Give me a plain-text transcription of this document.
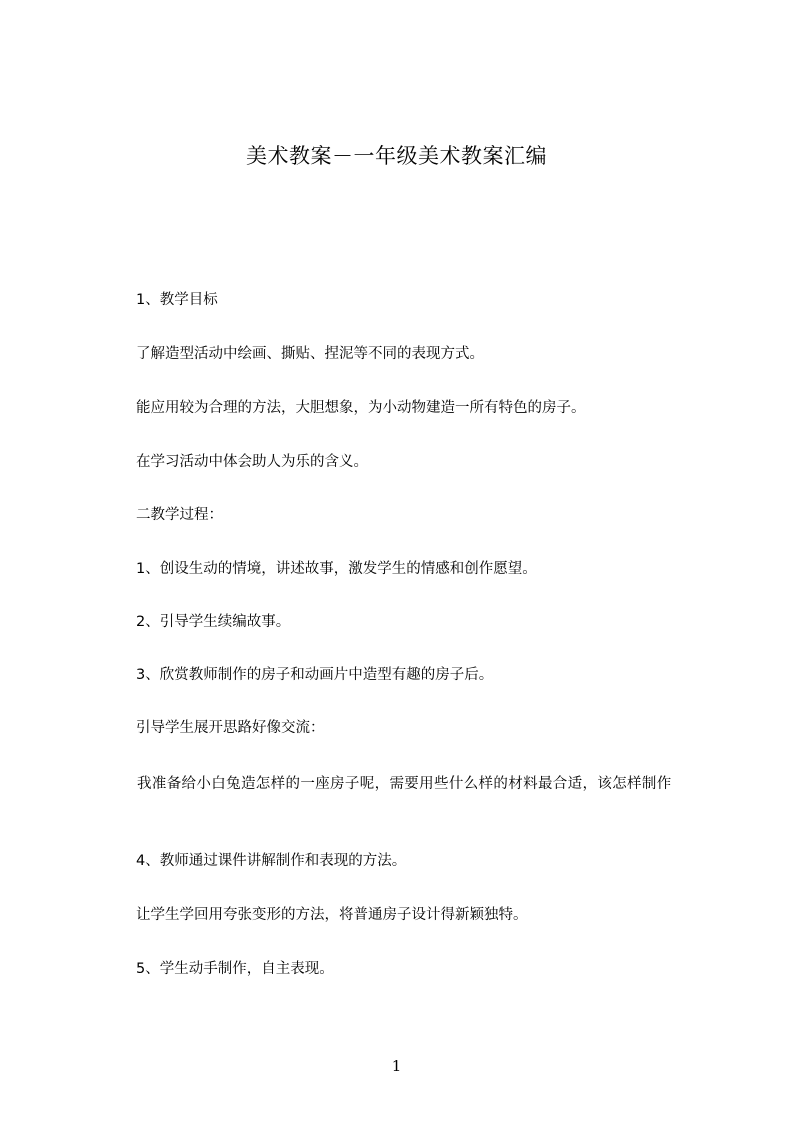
美术教案－一年级美术教案汇编

1、教学目标

了解造型活动中绘画、撕贴、捏泥等不同的表现方式。

能应用较为合理的方法，大胆想象，为小动物建造一所有特色的房子。

在学习活动中体会助人为乐的含义。

二教学过程：

1、创设生动的情境，讲述故事，激发学生的情感和创作愿望。

2、引导学生续编故事。

3、欣赏教师制作的房子和动画片中造型有趣的房子后。

引导学生展开思路好像交流：

我准备给小白兔造怎样的一座房子呢，需要用些什么样的材料最合适，该怎样制作

4、教师通过课件讲解制作和表现的方法。

让学生学回用夸张变形的方法，将普通房子设计得新颖独特。

5、学生动手制作，自主表现。

1
